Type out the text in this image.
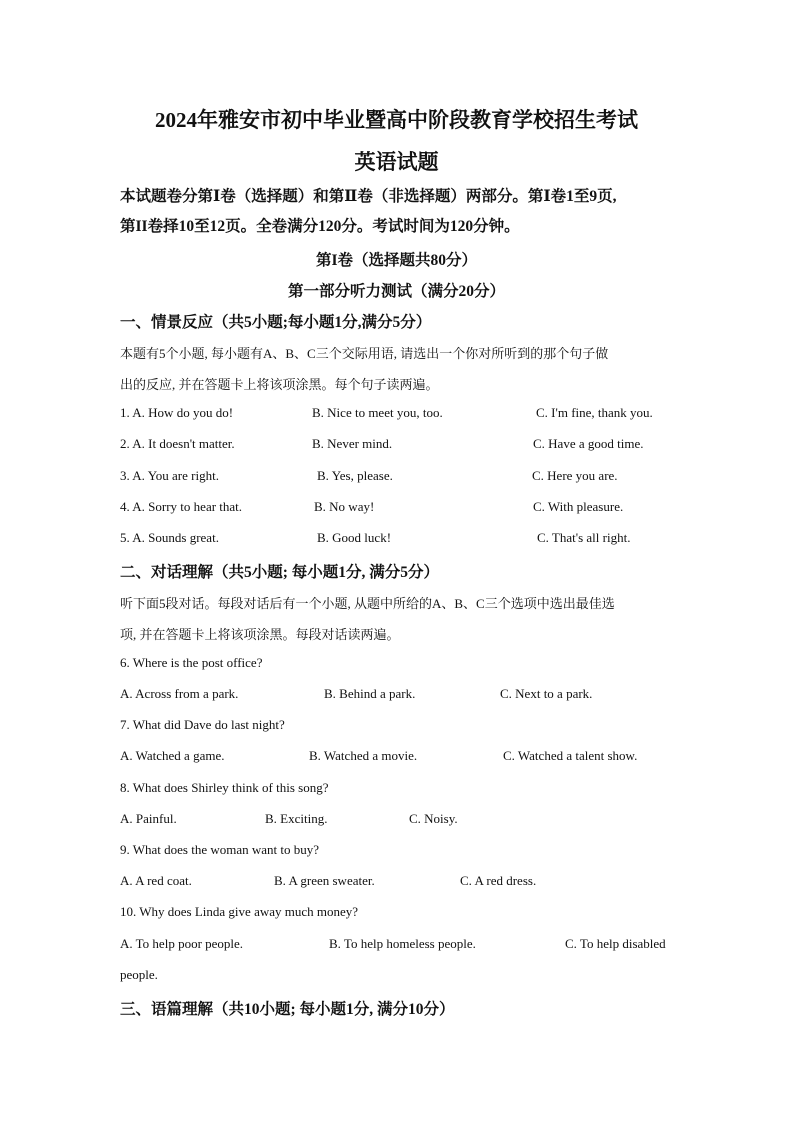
2024年雅安市初中毕业暨高中阶段教育学校招生考试
英语试题
本试题卷分第Ⅰ卷（选择题）和第Ⅱ卷（非选择题）两部分。第Ⅰ卷1至9页,
第II卷择10至12页。全卷满分120分。考试时间为120分钟。
第I卷（选择题共80分）
第一部分听力测试（满分20分）
一、情景反应（共5小题;每小题1分,满分5分）
本题有5个小题, 每小题有A、B、C三个交际用语, 请选出一个你对所听到的那个句子做
出的反应, 并在答题卡上将该项涂黑。每个句子读两遍。
1. A. How do you do!	B. Nice to meet you, too.	C. I'm fine, thank you.
2. A. It doesn't matter.	B. Never mind.	C. Have a good time.
3. A. You are right.	B. Yes, please.	C. Here you are.
4. A. Sorry to hear that.	B. No way!	C. With pleasure.
5. A. Sounds great.	B. Good luck!	C. That's all right.
二、对话理解（共5小题; 每小题1分, 满分5分）
听下面5段对话。每段对话后有一个小题, 从题中所给的A、B、C三个选项中选出最佳选
项, 并在答题卡上将该项涂黑。每段对话读两遍。
6. Where is the post office?
A. Across from a park.	B. Behind a park.	C. Next to a park.
7. What did Dave do last night?
A. Watched a game.	B. Watched a movie.	C. Watched a talent show.
8. What does Shirley think of this song?
A. Painful.	B. Exciting.	C. Noisy.
9. What does the woman want to buy?
A. A red coat.	B. A green sweater.	C. A red dress.
10. Why does Linda give away much money?
A. To help poor people.	B. To help homeless people.	C. To help disabled
people.
三、语篇理解（共10小题; 每小题1分, 满分10分）
